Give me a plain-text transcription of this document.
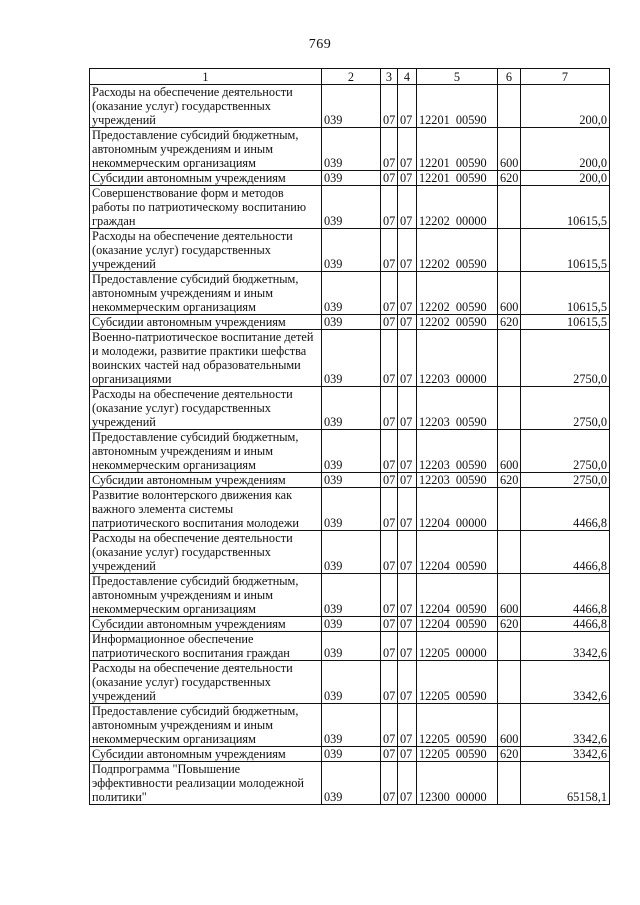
769
1	2	3	4	5	6	7
Расходы на обеспечение деятельности (оказание услуг) государственных учреждений	039	07	07	12201  00590		200,0
Предоставление субсидий бюджетным, автономным учреждениям и иным некоммерческим организациям	039	07	07	12201  00590	600	200,0
Субсидии автономным учреждениям	039	07	07	12201  00590	620	200,0
Совершенствование форм и методов работы по патриотическому воспитанию граждан	039	07	07	12202  00000		10615,5
Расходы на обеспечение деятельности (оказание услуг) государственных учреждений	039	07	07	12202  00590		10615,5
Предоставление субсидий бюджетным, автономным учреждениям и иным некоммерческим организациям	039	07	07	12202  00590	600	10615,5
Субсидии автономным учреждениям	039	07	07	12202  00590	620	10615,5
Военно-патриотическое воспитание детей и молодежи, развитие практики шефства воинских частей над образовательными организациями	039	07	07	12203  00000		2750,0
Расходы на обеспечение деятельности (оказание услуг) государственных учреждений	039	07	07	12203  00590		2750,0
Предоставление субсидий бюджетным, автономным учреждениям и иным некоммерческим организациям	039	07	07	12203  00590	600	2750,0
Субсидии автономным учреждениям	039	07	07	12203  00590	620	2750,0
Развитие волонтерского движения как важного элемента системы патриотического воспитания молодежи	039	07	07	12204  00000		4466,8
Расходы на обеспечение деятельности (оказание услуг) государственных учреждений	039	07	07	12204  00590		4466,8
Предоставление субсидий бюджетным, автономным учреждениям и иным некоммерческим организациям	039	07	07	12204  00590	600	4466,8
Субсидии автономным учреждениям	039	07	07	12204  00590	620	4466,8
Информационное обеспечение патриотического воспитания граждан	039	07	07	12205  00000		3342,6
Расходы на обеспечение деятельности (оказание услуг) государственных учреждений	039	07	07	12205  00590		3342,6
Предоставление субсидий бюджетным, автономным учреждениям и иным некоммерческим организациям	039	07	07	12205  00590	600	3342,6
Субсидии автономным учреждениям	039	07	07	12205  00590	620	3342,6
Подпрограмма "Повышение эффективности реализации молодежной политики"	039	07	07	12300  00000		65158,1
